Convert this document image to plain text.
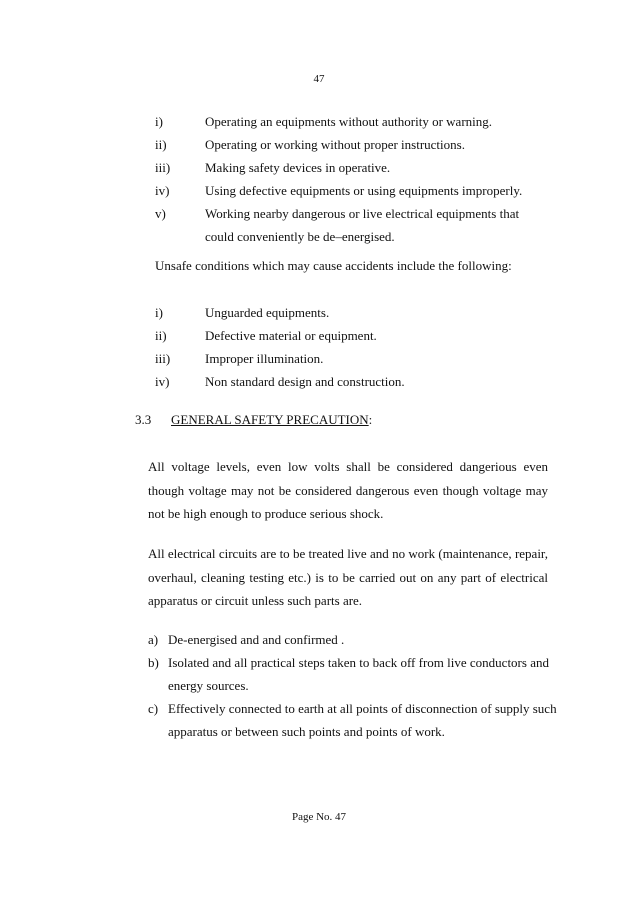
47
i)	Operating an equipments without authority or warning.
ii)	Operating or working without proper instructions.
iii)	Making safety devices in operative.
iv)	Using defective equipments or using equipments improperly.
v)	Working nearby dangerous or live electrical equipments that could conveniently be de–energised.
Unsafe conditions which may cause accidents include the following:
i)	Unguarded equipments.
ii)	Defective material or equipment.
iii)	Improper illumination.
iv)	Non standard design and construction.
3.3 GENERAL SAFETY PRECAUTION:
All voltage levels, even low volts shall be considered dangerious even though voltage may not be considered dangerous even though voltage may not be high enough to produce serious shock.
All electrical circuits are to be treated live and no work (maintenance, repair, overhaul, cleaning testing etc.) is to be carried out on any part of electrical apparatus or circuit unless such parts are.
a) De-energised and and confirmed .
b) Isolated and all practical steps taken to back off from live conductors and energy sources.
c) Effectively connected to earth at all points of disconnection of supply such apparatus or between such points and points of work.
Page No. 47
